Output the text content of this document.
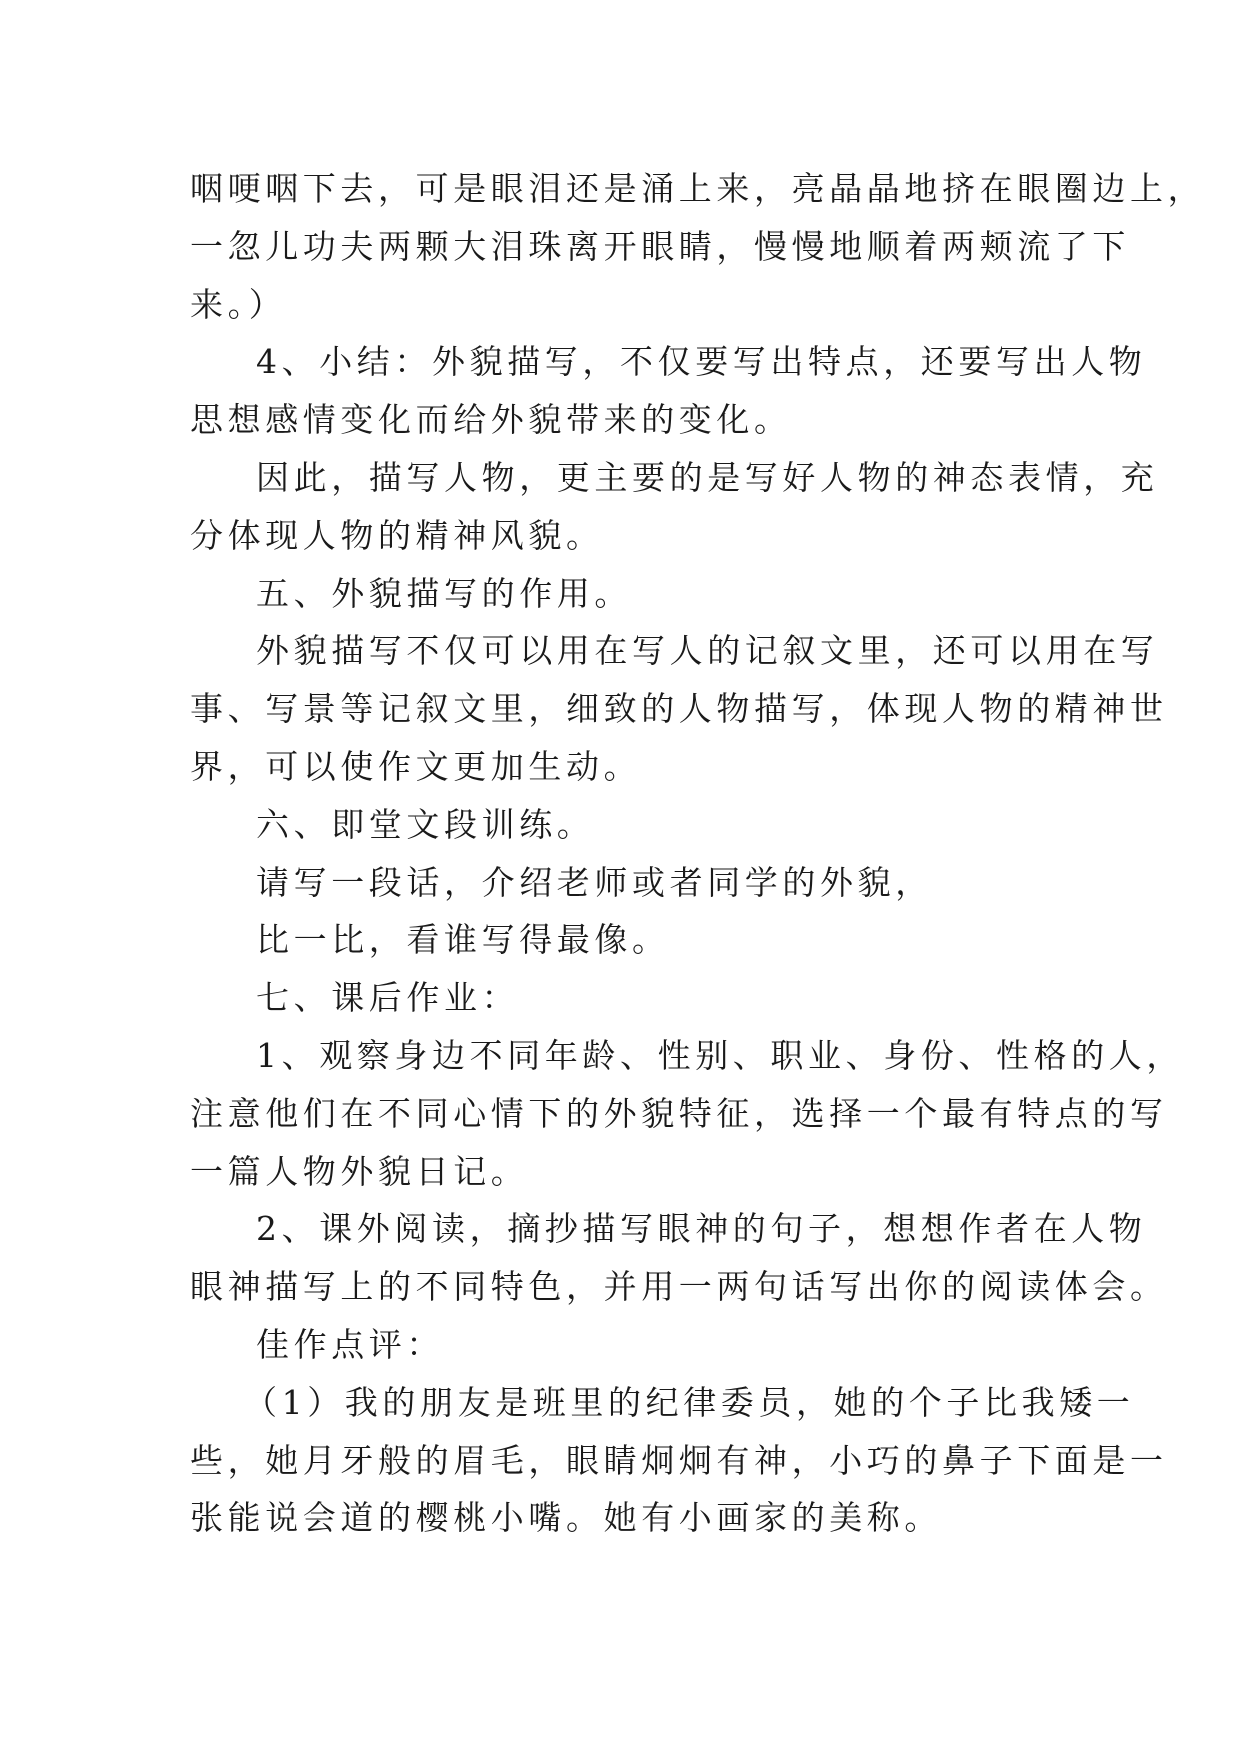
咽哽咽下去，可是眼泪还是涌上来，亮晶晶地挤在眼圈边上，
一忽儿功夫两颗大泪珠离开眼睛，慢慢地顺着两颊流了下
来。）
4、小结：外貌描写，不仅要写出特点，还要写出人物
思想感情变化而给外貌带来的变化。
因此，描写人物，更主要的是写好人物的神态表情，充
分体现人物的精神风貌。
五、外貌描写的作用。
外貌描写不仅可以用在写人的记叙文里，还可以用在写
事、写景等记叙文里，细致的人物描写，体现人物的精神世
界，可以使作文更加生动。
六、即堂文段训练。
请写一段话，介绍老师或者同学的外貌，
比一比，看谁写得最像。
七、课后作业：
1、观察身边不同年龄、性别、职业、身份、性格的人，
注意他们在不同心情下的外貌特征，选择一个最有特点的写
一篇人物外貌日记。
2、课外阅读，摘抄描写眼神的句子，想想作者在人物
眼神描写上的不同特色，并用一两句话写出你的阅读体会。
佳作点评：
（1）我的朋友是班里的纪律委员，她的个子比我矮一
些，她月牙般的眉毛，眼睛炯炯有神，小巧的鼻子下面是一
张能说会道的樱桃小嘴。她有小画家的美称。
